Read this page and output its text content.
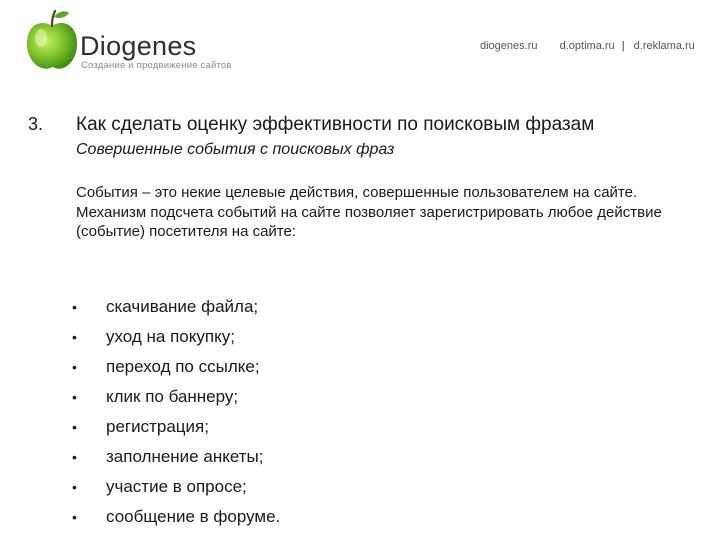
Diogenes
Создание и продвижение сайтов
diogenes.ru d.optima.ru | d.reklama.ru
3. Как сделать оценку эффективности по поисковым фразам
Совершенные события с поисковых фраз

События – это некие целевые действия, совершенные пользователем на сайте.

Механизм подсчета событий на сайте позволяет зарегистрировать любое действие (событие) посетителя на сайте:

• скачивание файла;
• уход на покупку;
• переход по ссылке;
• клик по баннеру;
• регистрация;
• заполнение анкеты;
• участие в опросе;
• сообщение в форуме.
